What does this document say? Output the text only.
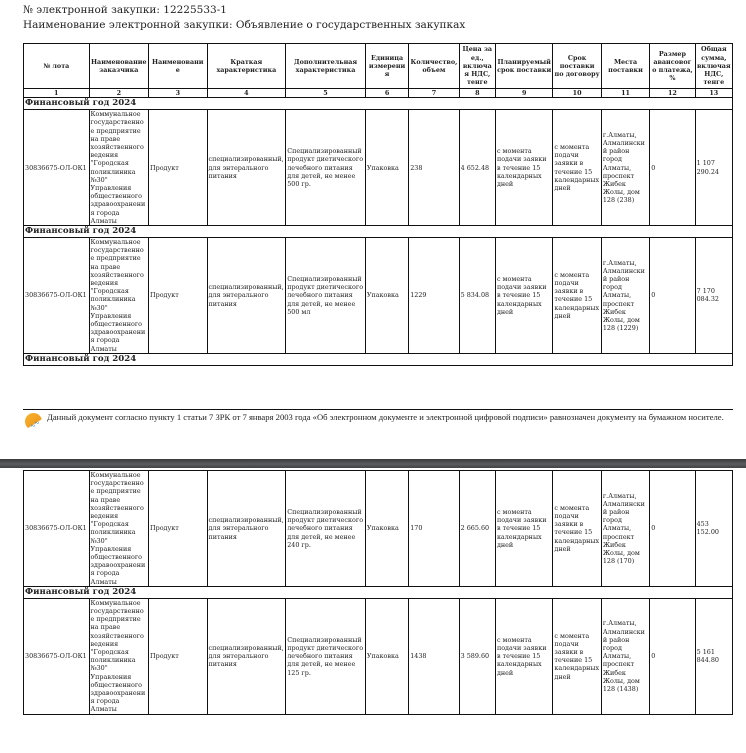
№ электронной закупки: 12225533-1
Наименование электронной закупки: Объявление о государственных закупках
№ лота	Наименование заказчика	Наименование	Краткая характеристика	Дополнительная характеристика	Единица измерения	Количество, объем	Цена за ед., включая НДС, тенге	Планируемый срок поставки	Срок поставки по договору	Места поставки	Размер авансового платежа, %	Общая сумма, включая НДС, тенге
1	2	3	4	5	6	7	8	9	10	11	12	13
Финансовый год 2024												
30836675-ОЛ-ОК1	Коммунальное государственное предприятие на праве хозяйственного ведения "Городская поликлиника №30" Управления общественного здравоохранения города Алматы	Продукт	специализированный, для энтерального питания	Специализированный продукт диетического лечебного питания для детей, не менее 500 гр.	Упаковка	238	4 652.48	с момента подачи заявки в течение 15 календарных дней	с момента подачи заявки в течение 15 календарных дней	г.Алматы, Алмалинский район город Алматы, проспект Жибек Жолы, дом 128 (238)	0	1 107 290.24
Финансовый год 2024												
30836675-ОЛ-ОК1	Коммунальное государственное предприятие на праве хозяйственного ведения "Городская поликлиника №30" Управления общественного здравоохранения города Алматы	Продукт	специализированный, для энтерального питания	Специализированный продукт диетического лечебного питания для детей, не менее 500 мл	Упаковка	1229	5 834.08	с момента подачи заявки в течение 15 календарных дней	с момента подачи заявки в течение 15 календарных дней	г.Алматы, Алмалинский район город Алматы, проспект Жибек Жолы, дом 128 (1229)	0	7 170 084.32
Финансовый год 2024												
∿∿
Данный документ согласно пункту 1 статьи 7 ЗРК от 7 января 2003 года «Об электронном документе и электронной цифровой подписи» равнозначен документу на бумажном носителе.
30836675-ОЛ-ОК1	Коммунальное государственное предприятие на праве хозяйственного ведения "Городская поликлиника №30" Управления общественного здравоохранения города Алматы	Продукт	специализированный, для энтерального питания	Специализированный продукт диетического лечебного питания для детей, не менее 240 гр.	Упаковка	170	2 665.60	с момента подачи заявки в течение 15 календарных дней	с момента подачи заявки в течение 15 календарных дней	г.Алматы, Алмалинский район город Алматы, проспект Жибек Жолы, дом 128 (170)	0	453 152.00
Финансовый год 2024												
30836675-ОЛ-ОК1	Коммунальное государственное предприятие на праве хозяйственного ведения "Городская поликлиника №30" Управления общественного здравоохранения города Алматы	Продукт	специализированный, для энтерального питания	Специализированный продукт диетического лечебного питания для детей, не менее 125 гр.	Упаковка	1438	3 589.60	с момента подачи заявки в течение 15 календарных дней	с момента подачи заявки в течение 15 календарных дней	г.Алматы, Алмалинский район город Алматы, проспект Жибек Жолы, дом 128 (1438)	0	5 161 844.80
